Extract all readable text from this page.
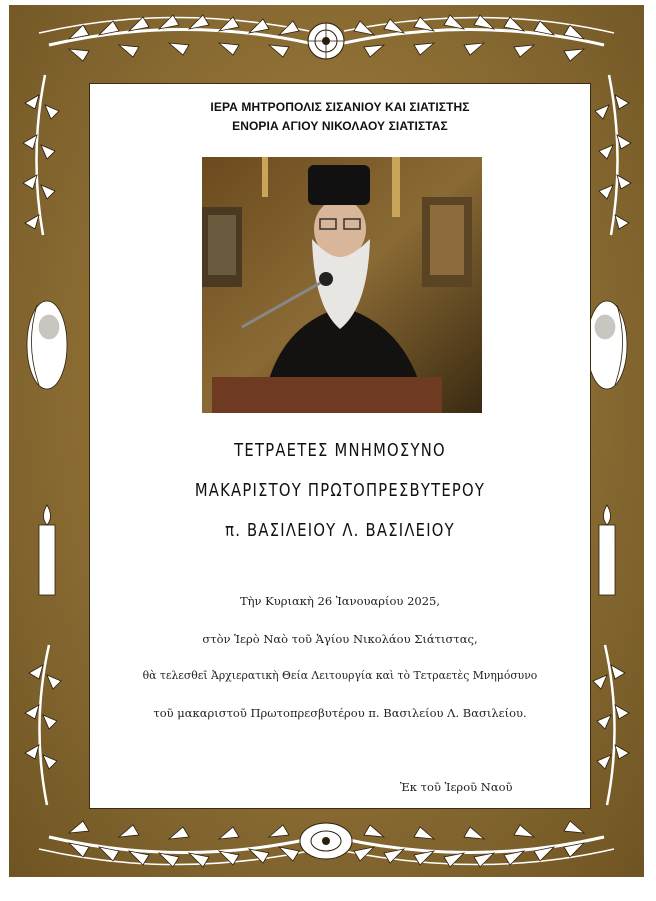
ΙΕΡΑ ΜΗΤΡΟΠΟΛΙΣ ΣΙΣΑΝΙΟΥ ΚΑΙ ΣΙΑΤΙΣΤΗΣ
ΕΝΟΡΙΑ ΑΓΙΟΥ ΝΙΚΟΛΑΟΥ ΣΙΑΤΙΣΤΑΣ
ΤΕΤΡΑΕΤΕΣ ΜΝΗΜΟΣΥΝΟ
ΜΑΚΑΡΙΣΤΟΥ ΠΡΩΤΟΠΡΕΣΒΥΤΕΡΟΥ
π. ΒΑΣΙΛΕΙΟΥ Λ. ΒΑΣΙΛΕΙΟΥ
Τὴν Κυριακὴ 26 Ἰανουαρίου 2025,
στὸν Ἱερὸ Ναὸ τοῦ Ἁγίου Νικολάου Σιάτιστας,
θὰ τελεσθεῖ Ἀρχιερατικὴ Θεία Λειτουργία καὶ τὸ Τετραετὲς Μνημόσυνο
τοῦ μακαριστοῦ Πρωτοπρεσβυτέρου π. Βασιλείου Λ. Βασιλείου.
Ἐκ τοῦ Ἱεροῦ Ναοῦ
